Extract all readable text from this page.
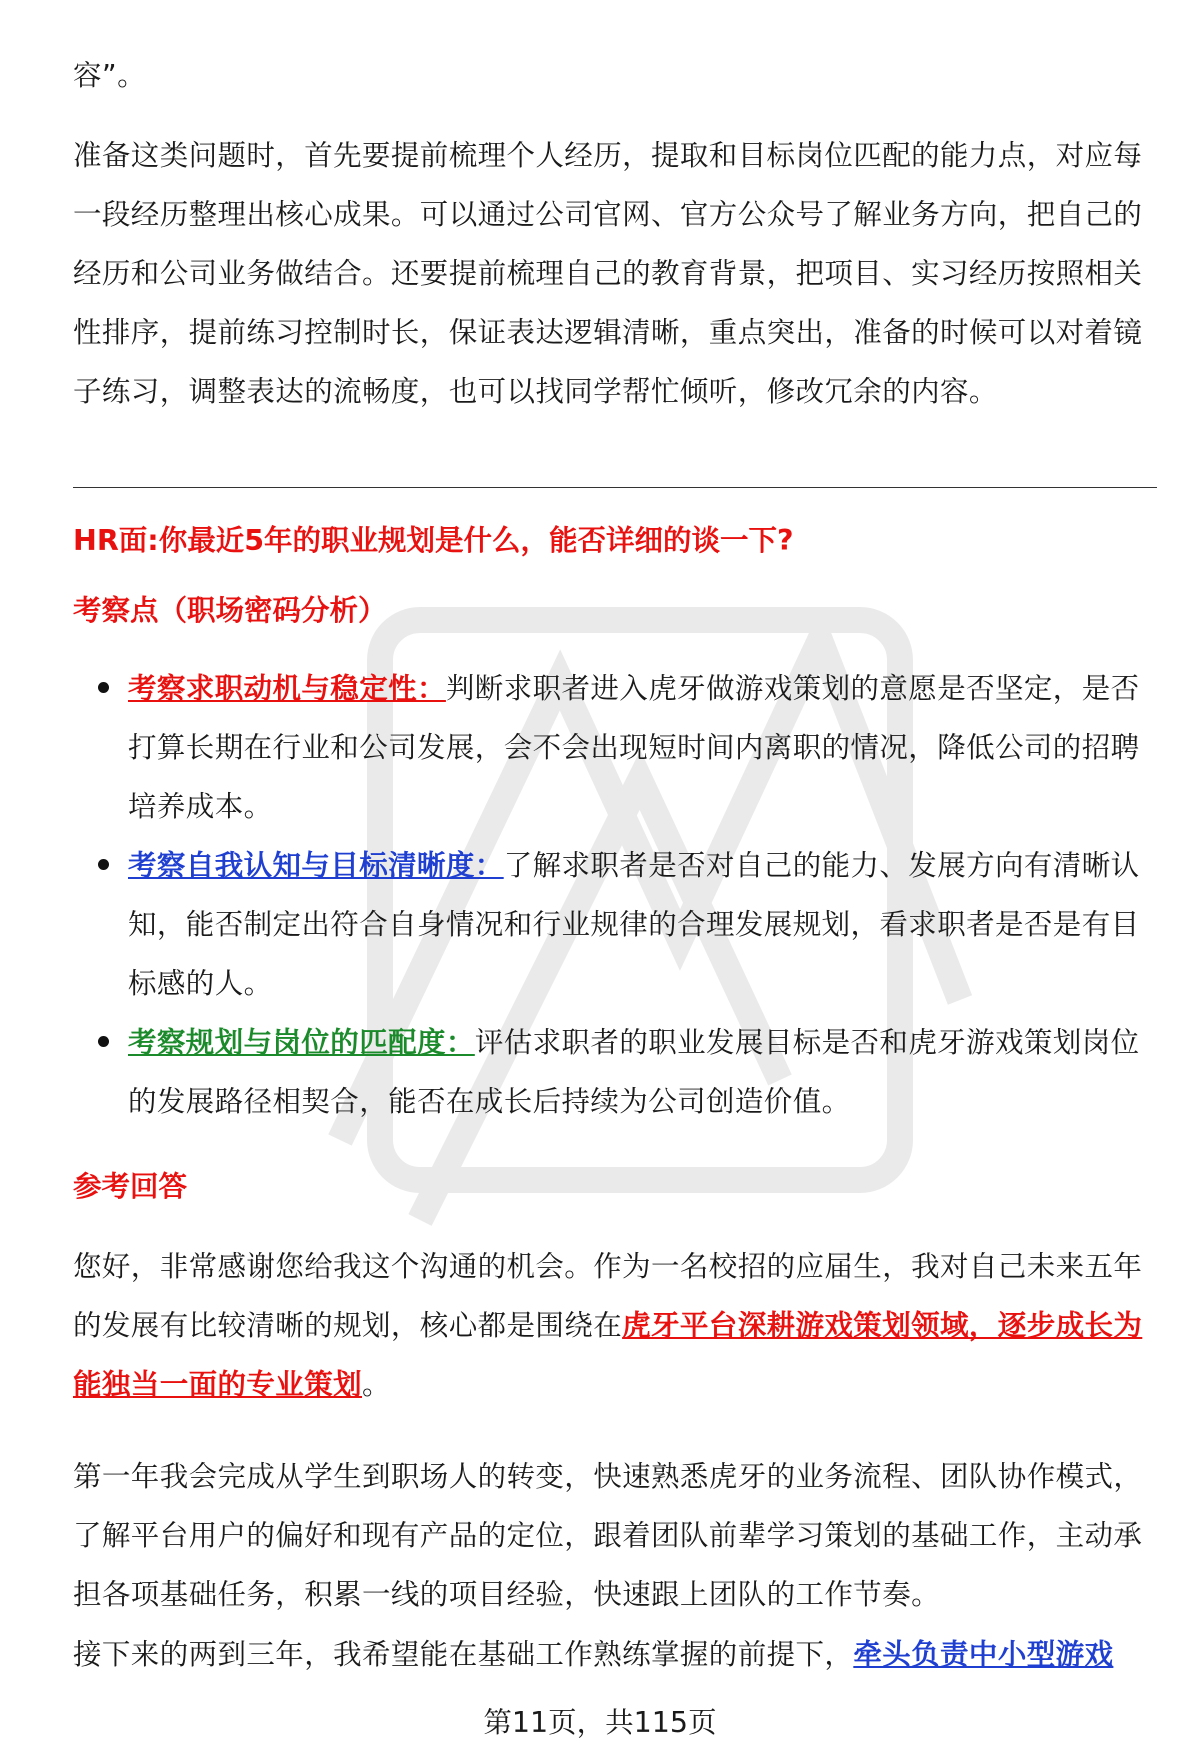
容”。

准备这类问题时，首先要提前梳理个人经历，提取和目标岗位匹配的能力点，对应每一段经历整理出核心成果。可以通过公司官网、官方公众号了解业务方向，把自己的经历和公司业务做结合。还要提前梳理自己的教育背景，把项目、实习经历按照相关性排序，提前练习控制时长，保证表达逻辑清晰，重点突出，准备的时候可以对着镜子练习，调整表达的流畅度，也可以找同学帮忙倾听，修改冗余的内容。

HR面:你最近5年的职业规划是什么，能否详细的谈一下?
考察点（职场密码分析）
考察求职动机与稳定性：判断求职者进入虎牙做游戏策划的意愿是否坚定，是否打算长期在行业和公司发展，会不会出现短时间内离职的情况，降低公司的招聘培养成本。
考察自我认知与目标清晰度：了解求职者是否对自己的能力、发展方向有清晰认知，能否制定出符合自身情况和行业规律的合理发展规划，看求职者是否是有目标感的人。
考察规划与岗位的匹配度：评估求职者的职业发展目标是否和虎牙游戏策划岗位的发展路径相契合，能否在成长后持续为公司创造价值。
参考回答

您好，非常感谢您给我这个沟通的机会。作为一名校招的应届生，我对自己未来五年的发展有比较清晰的规划，核心都是围绕在虎牙平台深耕游戏策划领域，逐步成长为能独当一面的专业策划。

第一年我会完成从学生到职场人的转变，快速熟悉虎牙的业务流程、团队协作模式，了解平台用户的偏好和现有产品的定位，跟着团队前辈学习策划的基础工作，主动承担各项基础任务，积累一线的项目经验，快速跟上团队的工作节奏。

接下来的两到三年，我希望能在基础工作熟练掌握的前提下，牵头负责中小型游戏

第11页，共115页
